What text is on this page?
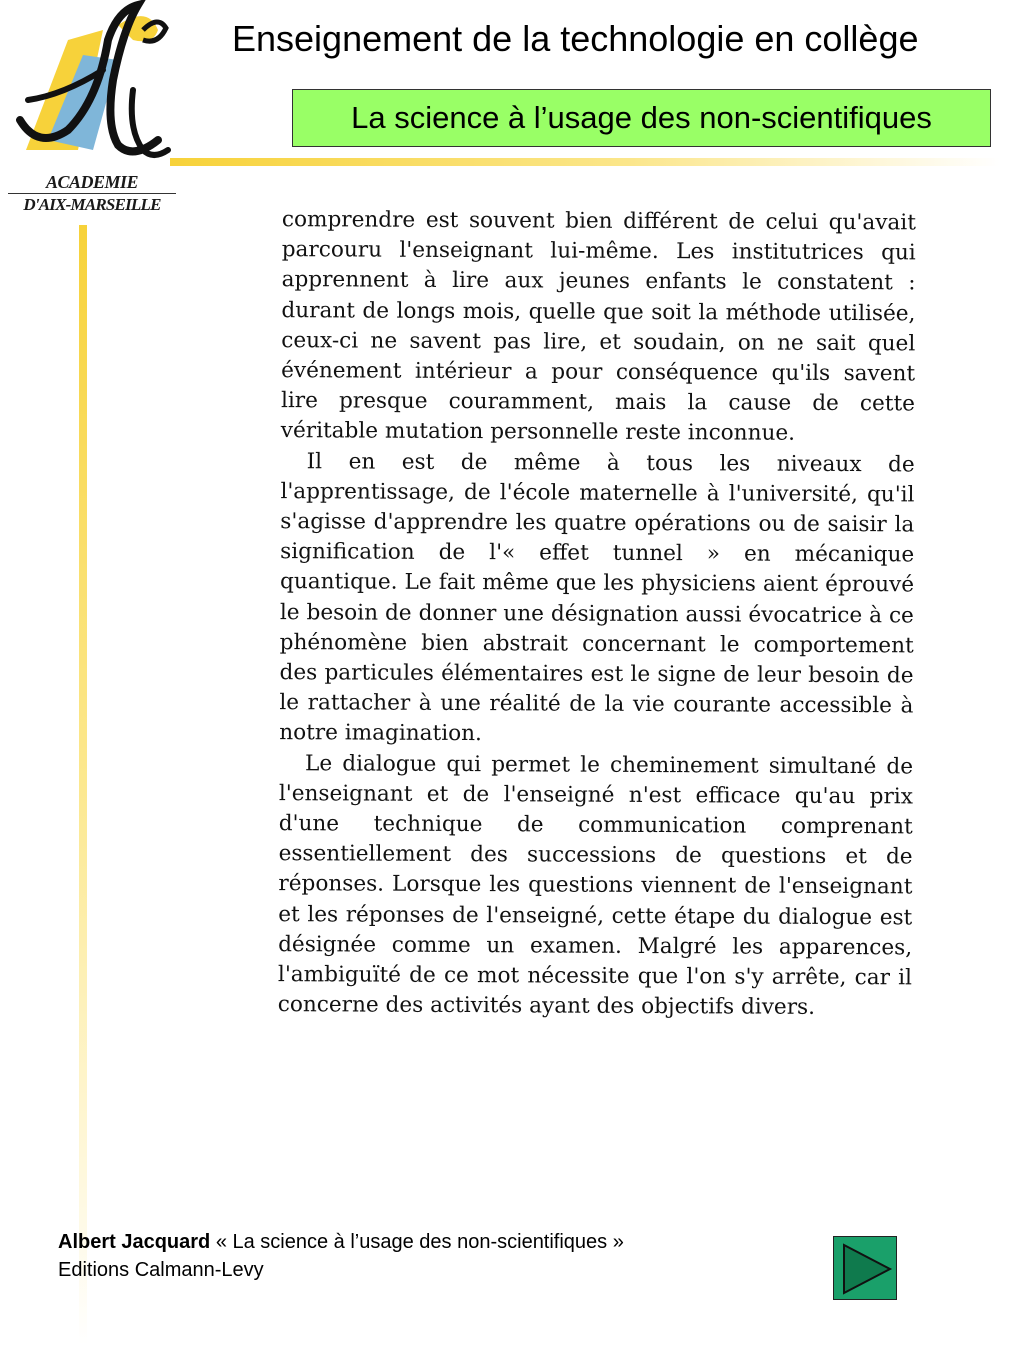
ACADEMIE
D'AIX-MARSEILLE
Enseignement de la technologie en collège
La science à l’usage des non-scientifiques

comprendre est souvent bien différent de celui qu'avait parcouru l'enseignant lui-même. Les institutrices qui apprennent à lire aux jeunes enfants le constatent : durant de longs mois, quelle que soit la méthode utilisée, ceux-ci ne savent pas lire, et soudain, on ne sait quel événement intérieur a pour conséquence qu'ils savent lire presque couramment, mais la cause de cette véritable mutation personnelle reste inconnue.

Il en est de même à tous les niveaux de l'apprentissage, de l'école maternelle à l'université, qu'il s'agisse d'apprendre les quatre opérations ou de saisir la signification de l'« effet tunnel » en mécanique quantique. Le fait même que les physiciens aient éprouvé le besoin de donner une désignation aussi évocatrice à ce phénomène bien abstrait concernant le comportement des particules élémentaires est le signe de leur besoin de le rattacher à une réalité de la vie courante accessible à notre imagination.

Le dialogue qui permet le cheminement simultané de l'enseignant et de l'enseigné n'est efficace qu'au prix d'une technique de communication comprenant essentiellement des successions de questions et de réponses. Lorsque les questions viennent de l'enseignant et les réponses de l'enseigné, cette étape du dialogue est désignée comme un examen. Malgré les apparences, l'ambiguïté de ce mot nécessite que l'on s'y arrête, car il concerne des activités ayant des objectifs divers.

Albert Jacquard « La science à l’usage des non-scientifiques »
Editions Calmann-Levy
